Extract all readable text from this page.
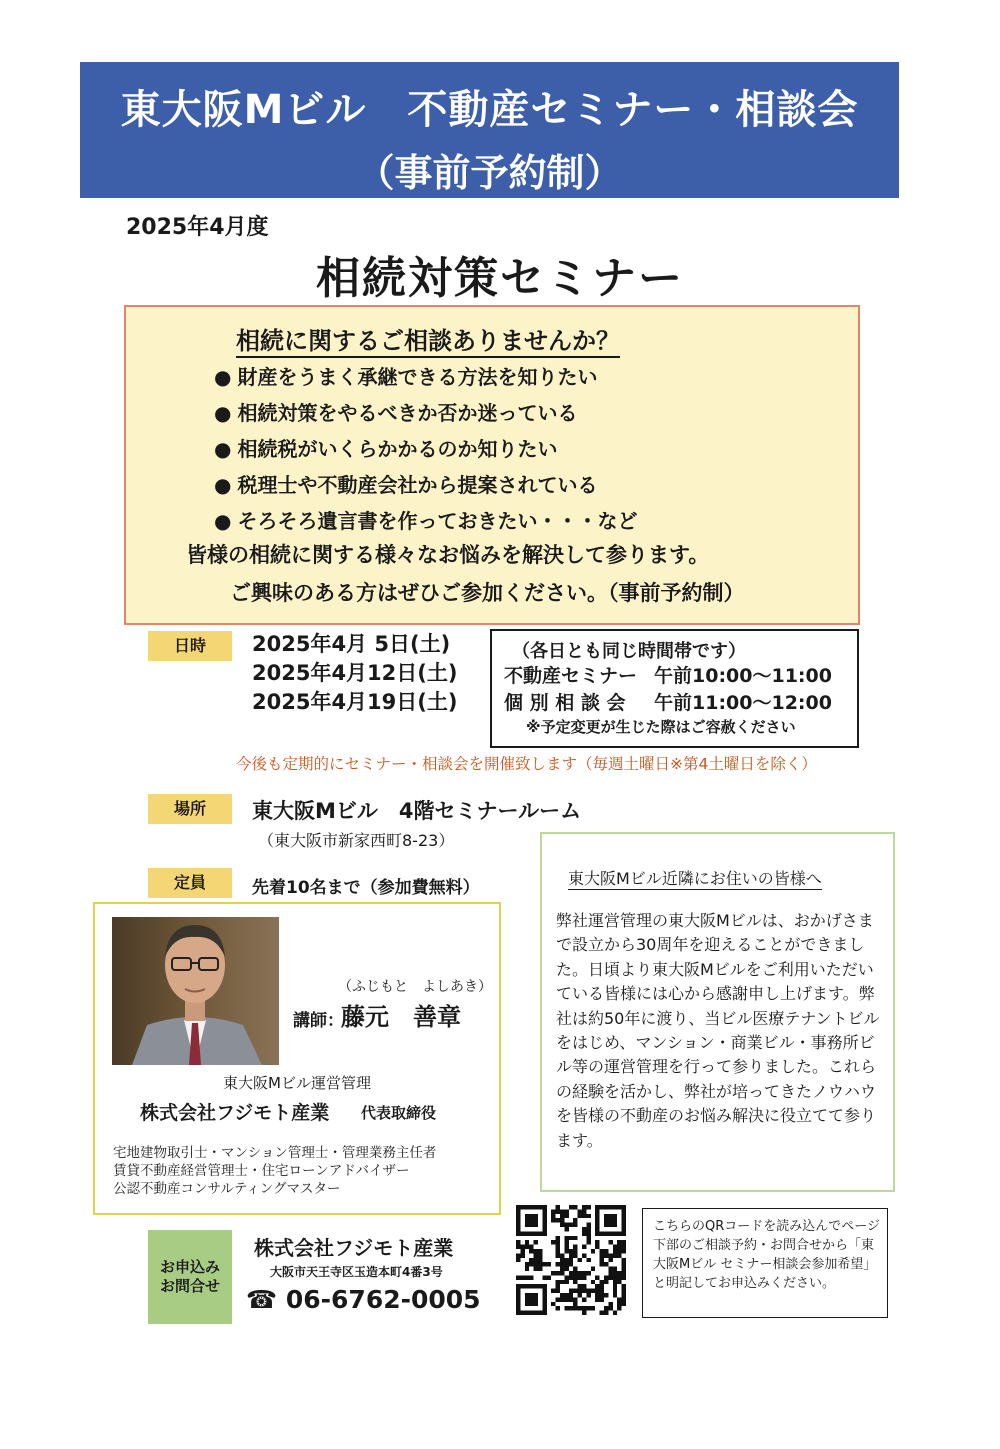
東大阪Mビル　不動産セミナー・相談会
（事前予約制）
2025年4月度
相続対策セミナー
相続に関するご相談ありませんか？
● 財産をうまく承継できる方法を知りたい
● 相続対策をやるべきか否か迷っている
● 相続税がいくらかかるのか知りたい
● 税理士や不動産会社から提案されている
● そろそろ遺言書を作っておきたい・・・など
皆様の相続に関する様々なお悩みを解決して参ります。
ご興味のある方はぜひご参加ください。（事前予約制）
日時	2025年4月 5日(土)
2025年4月12日(土)
2025年4月19日(土)
（各日とも同じ時間帯です）
不動産セミナー 午前10:00～11:00
個 別 相 談 会 午前11:00～12:00
※予定変更が生じた際はご容赦ください
今後も定期的にセミナー・相談会を開催致します（毎週土曜日※第4土曜日を除く）
場所	東大阪Mビル　4階セミナールーム
（東大阪市新家西町8-23）
定員	先着10名まで（参加費無料）
（ふじもと　よしあき）
講師：
藤元　善章
東大阪Mビル運営管理
株式会社フジモト産業 代表取締役
宅地建物取引士・マンション管理士・管理業務主任者
賃貸不動産経営管理士・住宅ローンアドバイザー
公認不動産コンサルティングマスター
東大阪Mビル近隣にお住いの皆様へ
弊社運営管理の東大阪Mビルは、おかげさまで設立から30周年を迎えることができました。日頃より東大阪Mビルをご利用いただいている皆様には心から感謝申し上げます。弊社は約50年に渡り、当ビル医療テナントビルをはじめ、マンション・商業ビル・事務所ビル等の運営管理を行って参りました。これらの経験を活かし、弊社が培ってきたノウハウを皆様の不動産のお悩み解決に役立てて参ります。
お申込み
お問合せ
株式会社フジモト産業
大阪市天王寺区玉造本町4番3号
☎ 06-6762-0005
こちらのQRコードを読み込んでページ下部のご相談予約・お問合せから「東大阪Mビル セミナー相談会参加希望」と明記してお申込みください。
